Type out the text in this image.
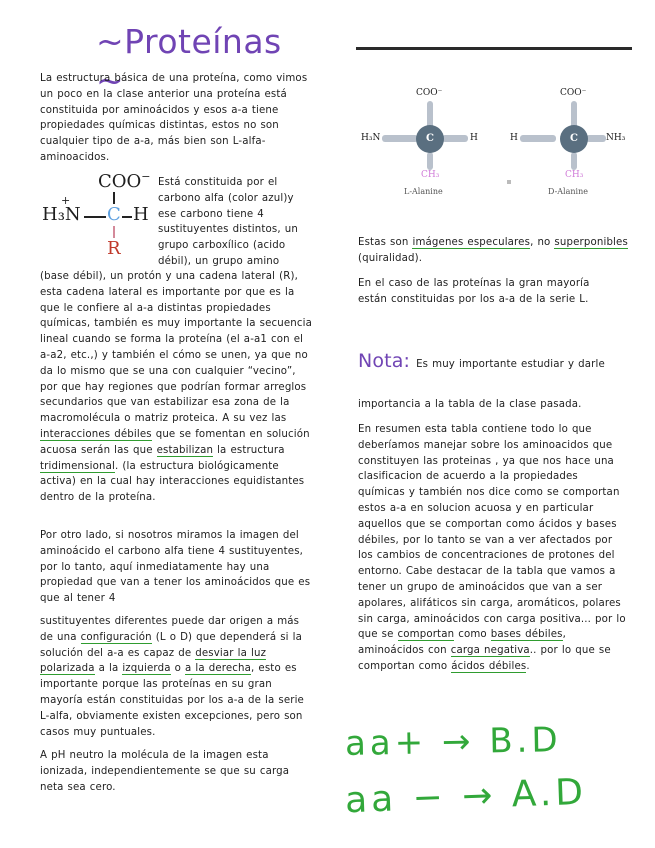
~Proteínas ~

La estructura básica de una proteína, como vimos un poco en la clase anterior una proteína está constituida por aminoácidos y esos a-a tiene propiedades químicas distintas, estos no son cualquier tipo de a-a, más bien son L-alfa-aminoacidos.

COO−
H₃N
+
C H
R

Está constituida por el carbono alfa (color azul)y ese carbono tiene 4 sustituyentes distintos, un grupo carboxílico (acido débil), un grupo amino

(base débil), un protón y una cadena lateral (R), esta cadena lateral es importante por que es la que le confiere al a-a distintas propiedades químicas, también es muy importante la secuencia lineal cuando se forma la proteína (el a-a1 con el a-a2, etc.,) y también el cómo se unen, ya que no da lo mismo que se una con cualquier “vecino”, por que hay regiones que podrían formar arreglos secundarios que van estabilizar esa zona de la macromolécula o matriz proteica. A su vez las interacciones débiles que se fomentan en solución acuosa serán las que estabilizan la estructura tridimensional. (la estructura biológicamente activa) en la cual hay interacciones equidistantes dentro de la proteína.

Por otro lado, si nosotros miramos la imagen del aminoácido el carbono alfa tiene 4 sustituyentes, por lo tanto, aquí inmediatamente hay una propiedad que van a tener los aminoácidos que es que al tener 4

sustituyentes diferentes puede dar origen a más de una configuración (L o D) que dependerá si la solución del a-a es capaz de desviar la luz polarizada a la izquierda o a la derecha, esto es importante porque las proteínas en su gran mayoría están constituidas por los a-a de la serie L-alfa, obviamente existen excepciones, pero son casos muy puntuales.

A pH neutro la molécula de la imagen esta ionizada, independientemente se que su carga neta sea cero.

COO⁻
C
H₃N	H
CH₃
L-Alanine
COO⁻
C
H	NH₃
CH₃
D-Alanine

Estas son imágenes especulares, no superponibles (quiralidad).

En el caso de las proteínas la gran mayoría están constituidas por los a-a de la serie L.

Nota: Es muy importante estudiar y darle

importancia a la tabla de la clase pasada.

En resumen esta tabla contiene todo lo que deberíamos manejar sobre los aminoacidos que constituyen las proteinas , ya que nos hace una clasificacion de acuerdo a la propiedades químicas y también nos dice como se comportan estos a-a en solucion acuosa y en particular aquellos que se comportan como ácidos y bases débiles, por lo tanto se van a ver afectados por los cambios de concentraciones de protones del entorno. Cabe destacar de la tabla que vamos a tener un grupo de aminoácidos que van a ser apolares, alifáticos sin carga, aromáticos, polares sin carga, aminoácidos con carga positiva... por lo que se comportan como bases débiles, aminoácidos con carga negativa.. por lo que se comportan como ácidos débiles.

aa+ → B.D
aa − → A.D
